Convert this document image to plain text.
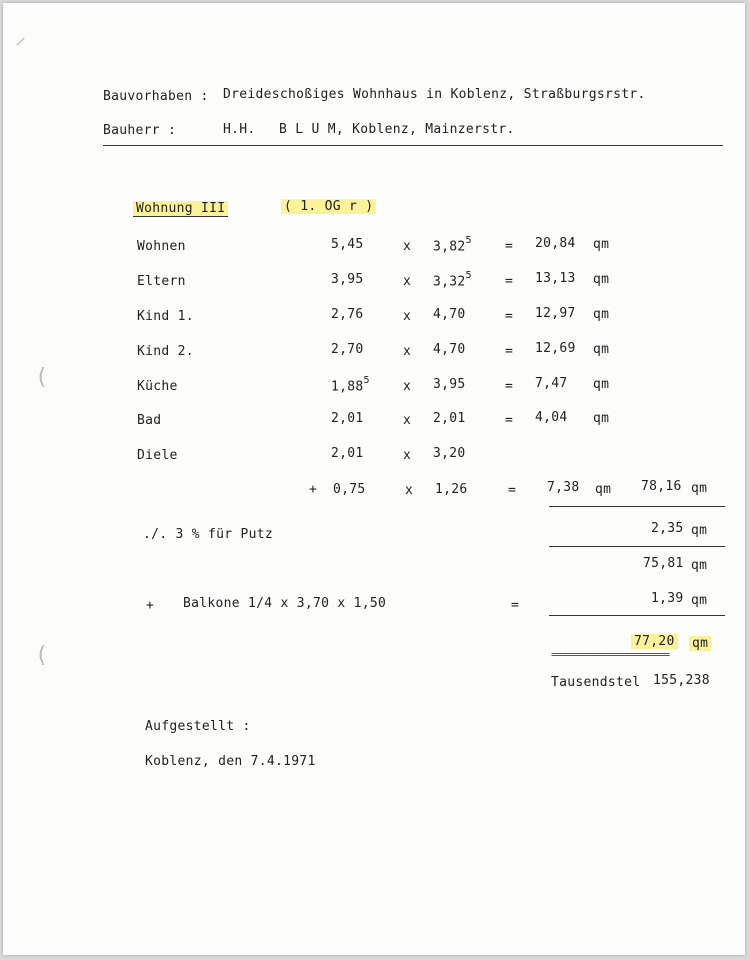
⸝
(
(
Bauvorhaben : Dreideschoßiges Wohnhaus in Koblenz, Straßburgsrstr.
Bauherr :	H.H. B L U M, Koblenz, Mainzerstr.
Wohnung III	( 1. OG r )
Wohnen	5,45	x $3,82^5$	= 20,84 qm
Eltern	3,95	x $3,32^5$	= 13,13 qm
Kind 1.	2,76	x 4,70	= 12,97 qm
Kind 2.	2,70	x 4,70	= 12,69 qm
Küche	1,88$^5$	x 3,95	= 7,47 qm
Bad	2,01	x 2,01	= 4,04 qm
Diele	2,01	x 3,20
+ 0,75	x 1,26	= 7,38 qm 78,16 qm
./. 3 % für Putz	2,35 qm
75,81 qm
+ Balkone 1/4 x 3,70 x 1,50	=	1,39 qm
77,20 qm
=====================
Tausendstel 155,238
Aufgestellt :
Koblenz, den 7.4.1971
